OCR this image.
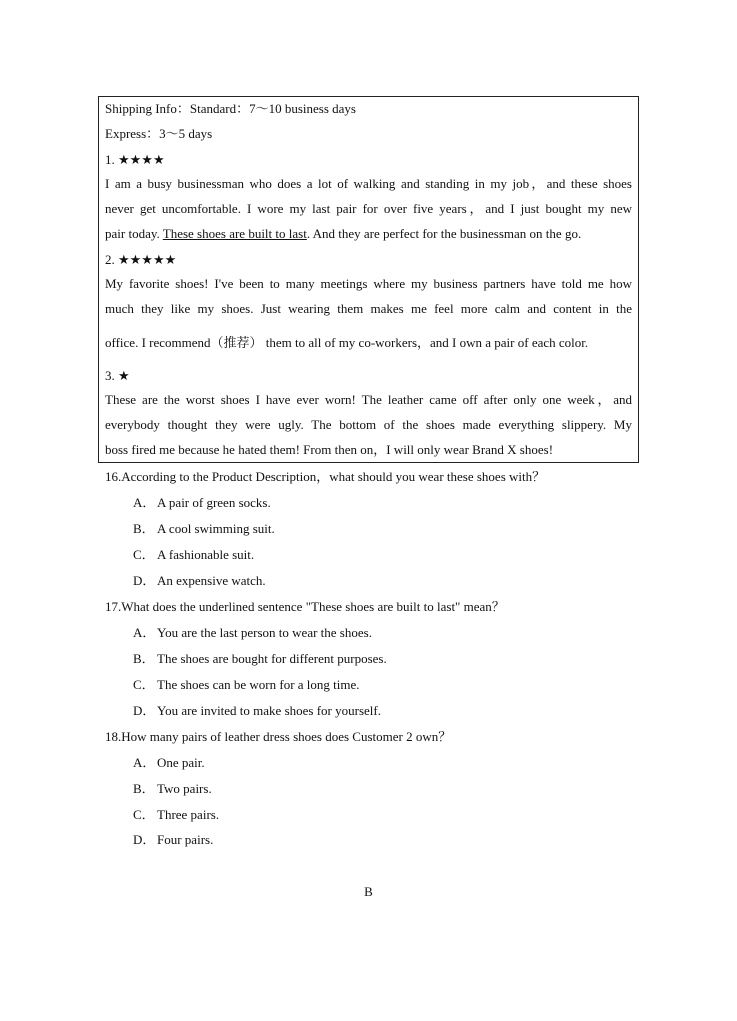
Shipping Info：Standard：7～10 business days
Express：3～5 days
1. ★★★★
I am a busy businessman who does a lot of walking and standing in my job，and these shoes
never get uncomfortable. I wore my last pair for over five years，and I just bought my new
pair today. These shoes are built to last. And they are perfect for the businessman on the go.
2. ★★★★★
My favorite shoes! I've been to many meetings where my business partners have told me how
much they like my shoes. Just wearing them makes me feel more calm and content in the
office. I recommend（推荐） them to all of my co-workers，and I own a pair of each color.
3. ★
These are the worst shoes I have ever worn! The leather came off after only one week，and
everybody thought they were ugly. The bottom of the shoes made everything slippery. My
boss fired me because he hated them! From then on，I will only wear Brand X shoes!
16.According to the Product Description，what should you wear these shoes with？
A． A pair of green socks.
B． A cool swimming suit.
C． A fashionable suit.
D． An expensive watch.
17.What does the underlined sentence "These shoes are built to last" mean？
A． You are the last person to wear the shoes.
B． The shoes are bought for different purposes.
C． The shoes can be worn for a long time.
D． You are invited to make shoes for yourself.
18.How many pairs of leather dress shoes does Customer 2 own？
A． One pair.
B． Two pairs.
C． Three pairs.
D． Four pairs.
B
